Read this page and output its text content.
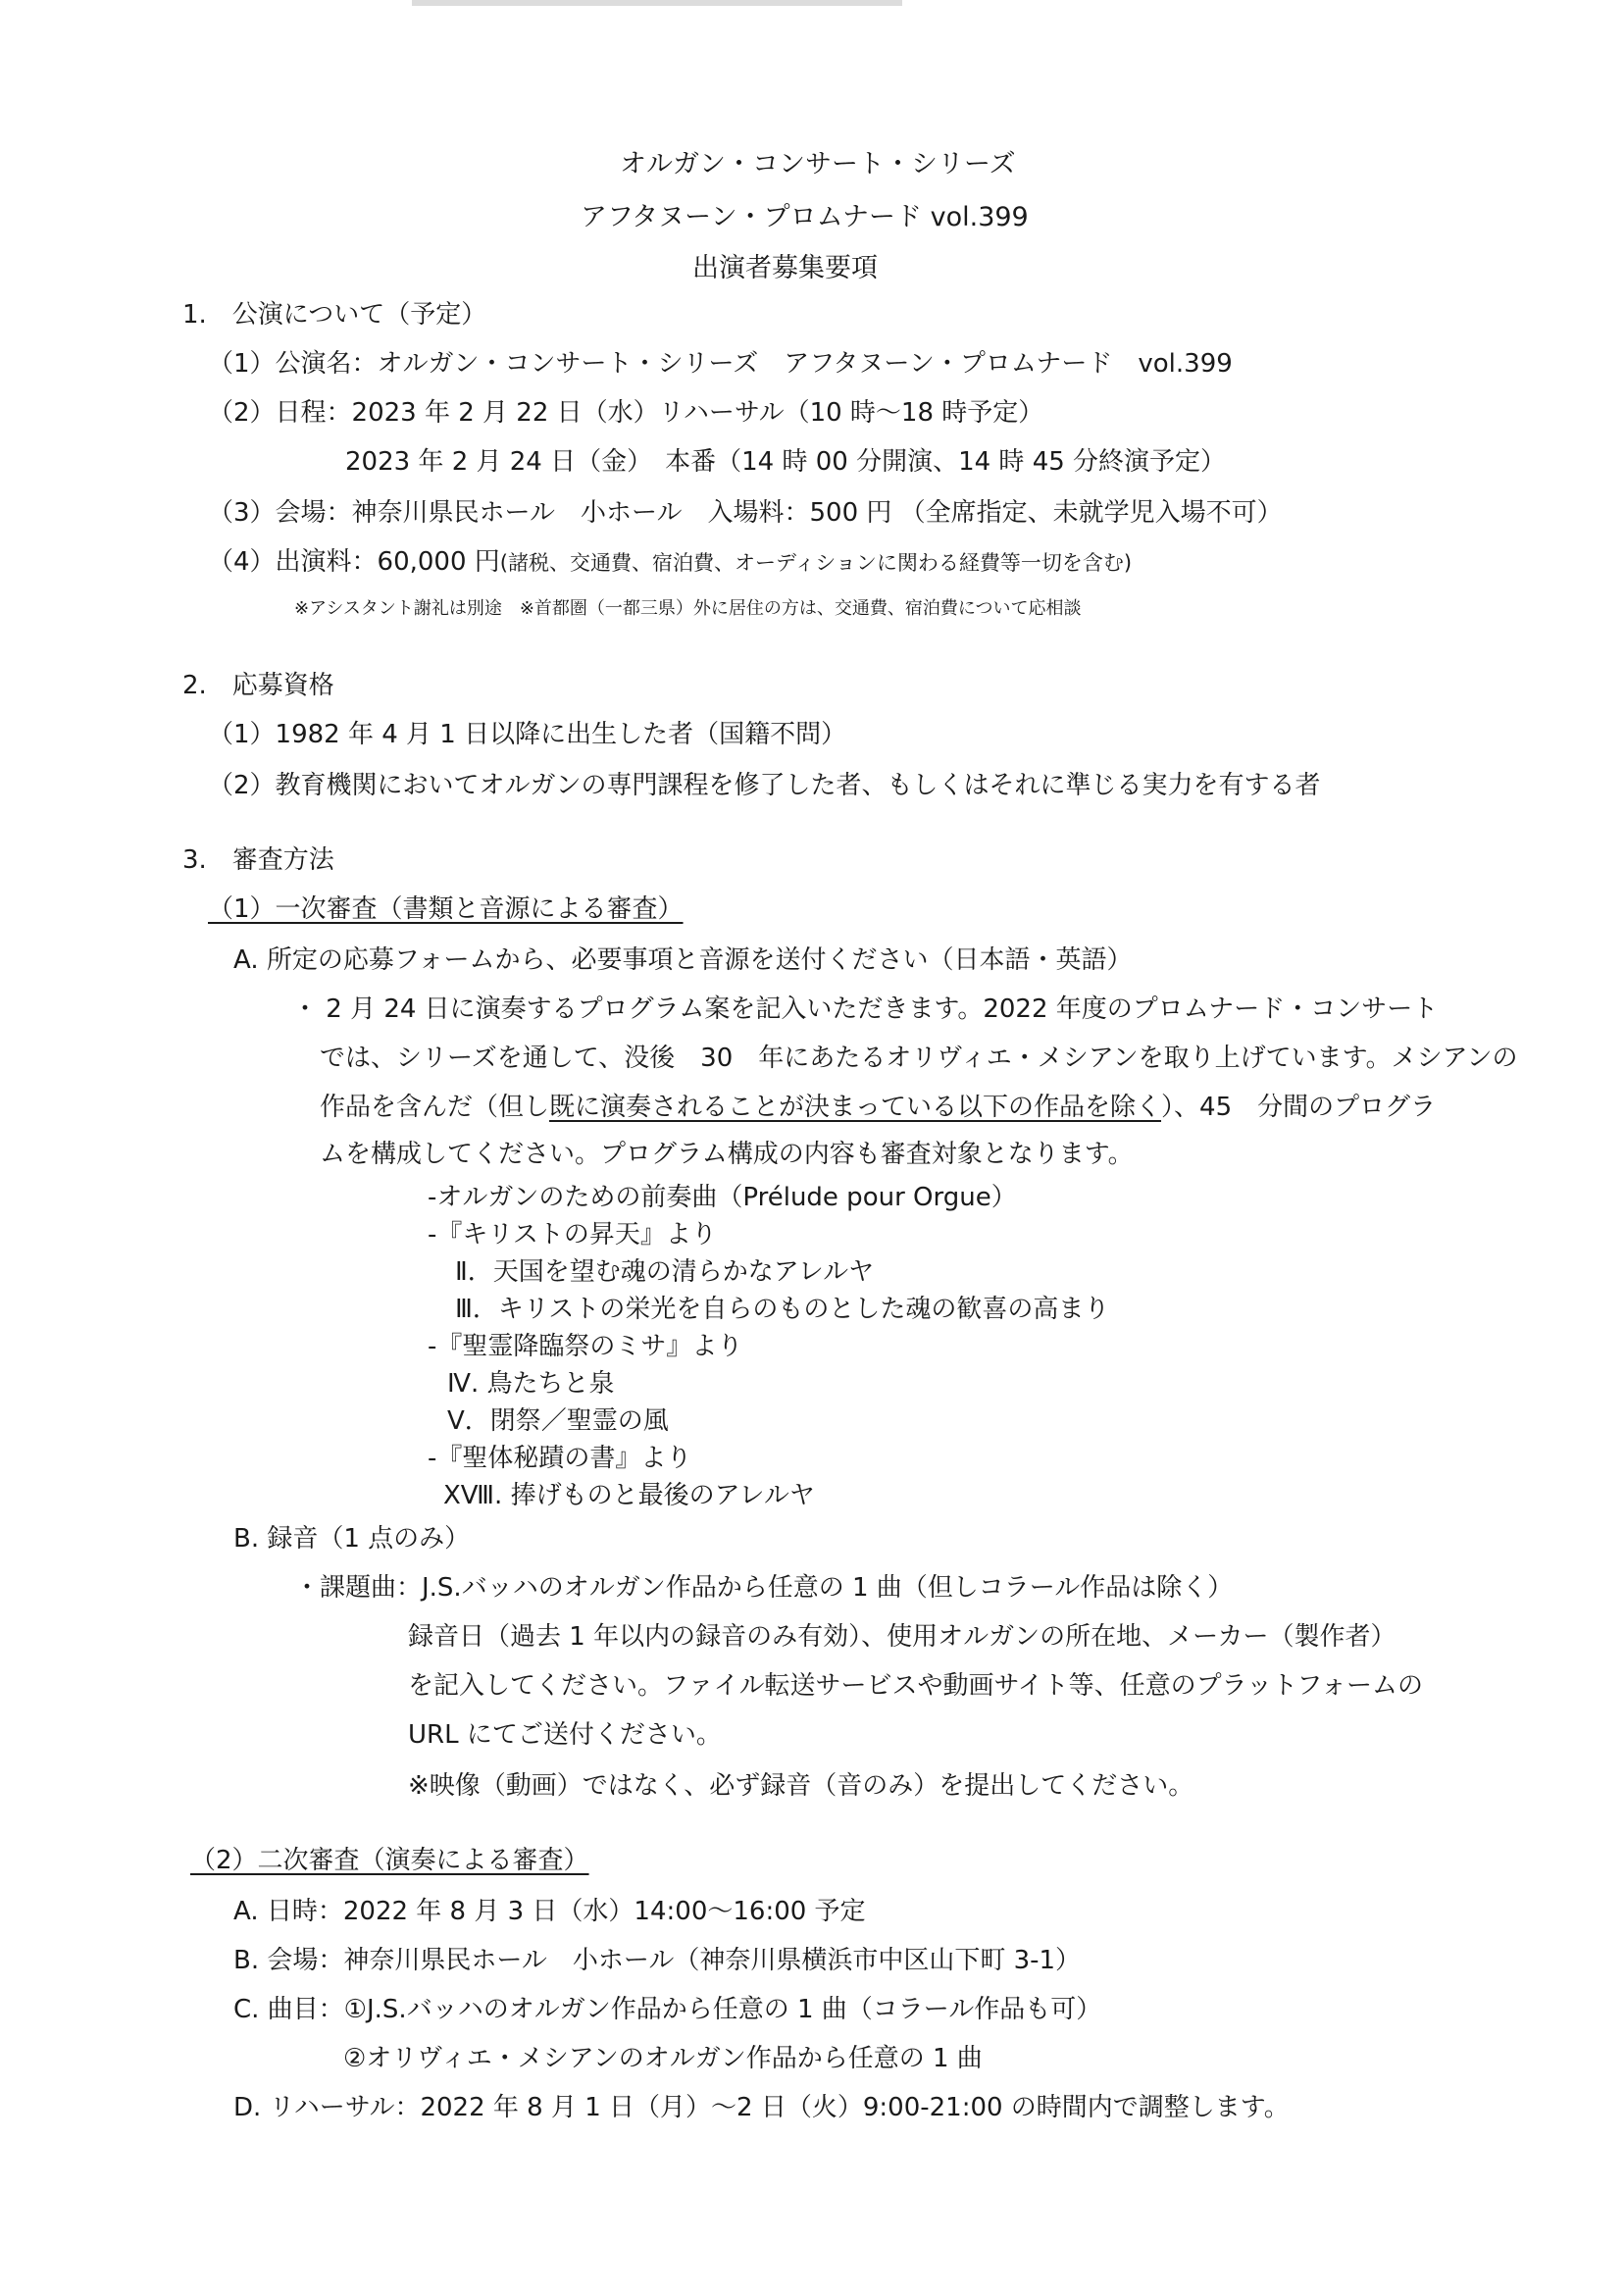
オルガン・コンサート・シリーズ
アフタヌーン・プロムナード vol.399
出演者募集要項
1.　公演について（予定）
（1）公演名：オルガン・コンサート・シリーズ　アフタヌーン・プロムナード　vol.399
（2）日程：2023 年 2 月 22 日（水）リハーサル（10 時～18 時予定）
2023 年 2 月 24 日（金）　本番（14 時 00 分開演、14 時 45 分終演予定）
（3）会場：神奈川県民ホール　小ホール　入場料：500 円 （全席指定、未就学児入場不可）
（4）出演料：60,000 円(諸税、交通費、宿泊費、オーディションに関わる経費等一切を含む)
※アシスタント謝礼は別途　※首都圏（一都三県）外に居住の方は、交通費、宿泊費について応相談
2.　応募資格
（1）1982 年 4 月 1 日以降に出生した者（国籍不問）
（2）教育機関においてオルガンの専門課程を修了した者、もしくはそれに準じる実力を有する者
3.　審査方法
（1）一次審査（書類と音源による審査）
A. 所定の応募フォームから、必要事項と音源を送付ください（日本語・英語）
・ 2 月 24 日に演奏するプログラム案を記入いただきます。2022 年度のプロムナード・コンサート
では、シリーズを通して、没後　30　年にあたるオリヴィエ・メシアンを取り上げています。メシアンの
作品を含んだ（但し既に演奏されることが決まっている以下の作品を除く）、45　分間のプログラ
ムを構成してください。プログラム構成の内容も審査対象となります。
-オルガンのための前奏曲（Prélude pour Orgue）
-『キリストの昇天』より
Ⅱ．天国を望む魂の清らかなアレルヤ
Ⅲ．キリストの栄光を自らのものとした魂の歓喜の高まり
-『聖霊降臨祭のミサ』より
Ⅳ. 鳥たちと泉
Ⅴ．閉祭／聖霊の風
-『聖体秘蹟の書』より
XⅧ. 捧げものと最後のアレルヤ
B. 録音（1 点のみ）
・課題曲：J.S.バッハのオルガン作品から任意の 1 曲（但しコラール作品は除く）
録音日（過去 1 年以内の録音のみ有効）、使用オルガンの所在地、メーカー（製作者）
を記入してください。ファイル転送サービスや動画サイト等、任意のプラットフォームの
URL にてご送付ください。
※映像（動画）ではなく、必ず録音（音のみ）を提出してください。
（2）二次審査（演奏による審査）
A. 日時：2022 年 8 月 3 日（水）14:00～16:00 予定
B. 会場：神奈川県民ホール　小ホール（神奈川県横浜市中区山下町 3-1）
C. 曲目：①J.S.バッハのオルガン作品から任意の 1 曲（コラール作品も可）
②オリヴィエ・メシアンのオルガン作品から任意の 1 曲
D. リハーサル：2022 年 8 月 1 日（月）～2 日（火）9:00-21:00 の時間内で調整します。
